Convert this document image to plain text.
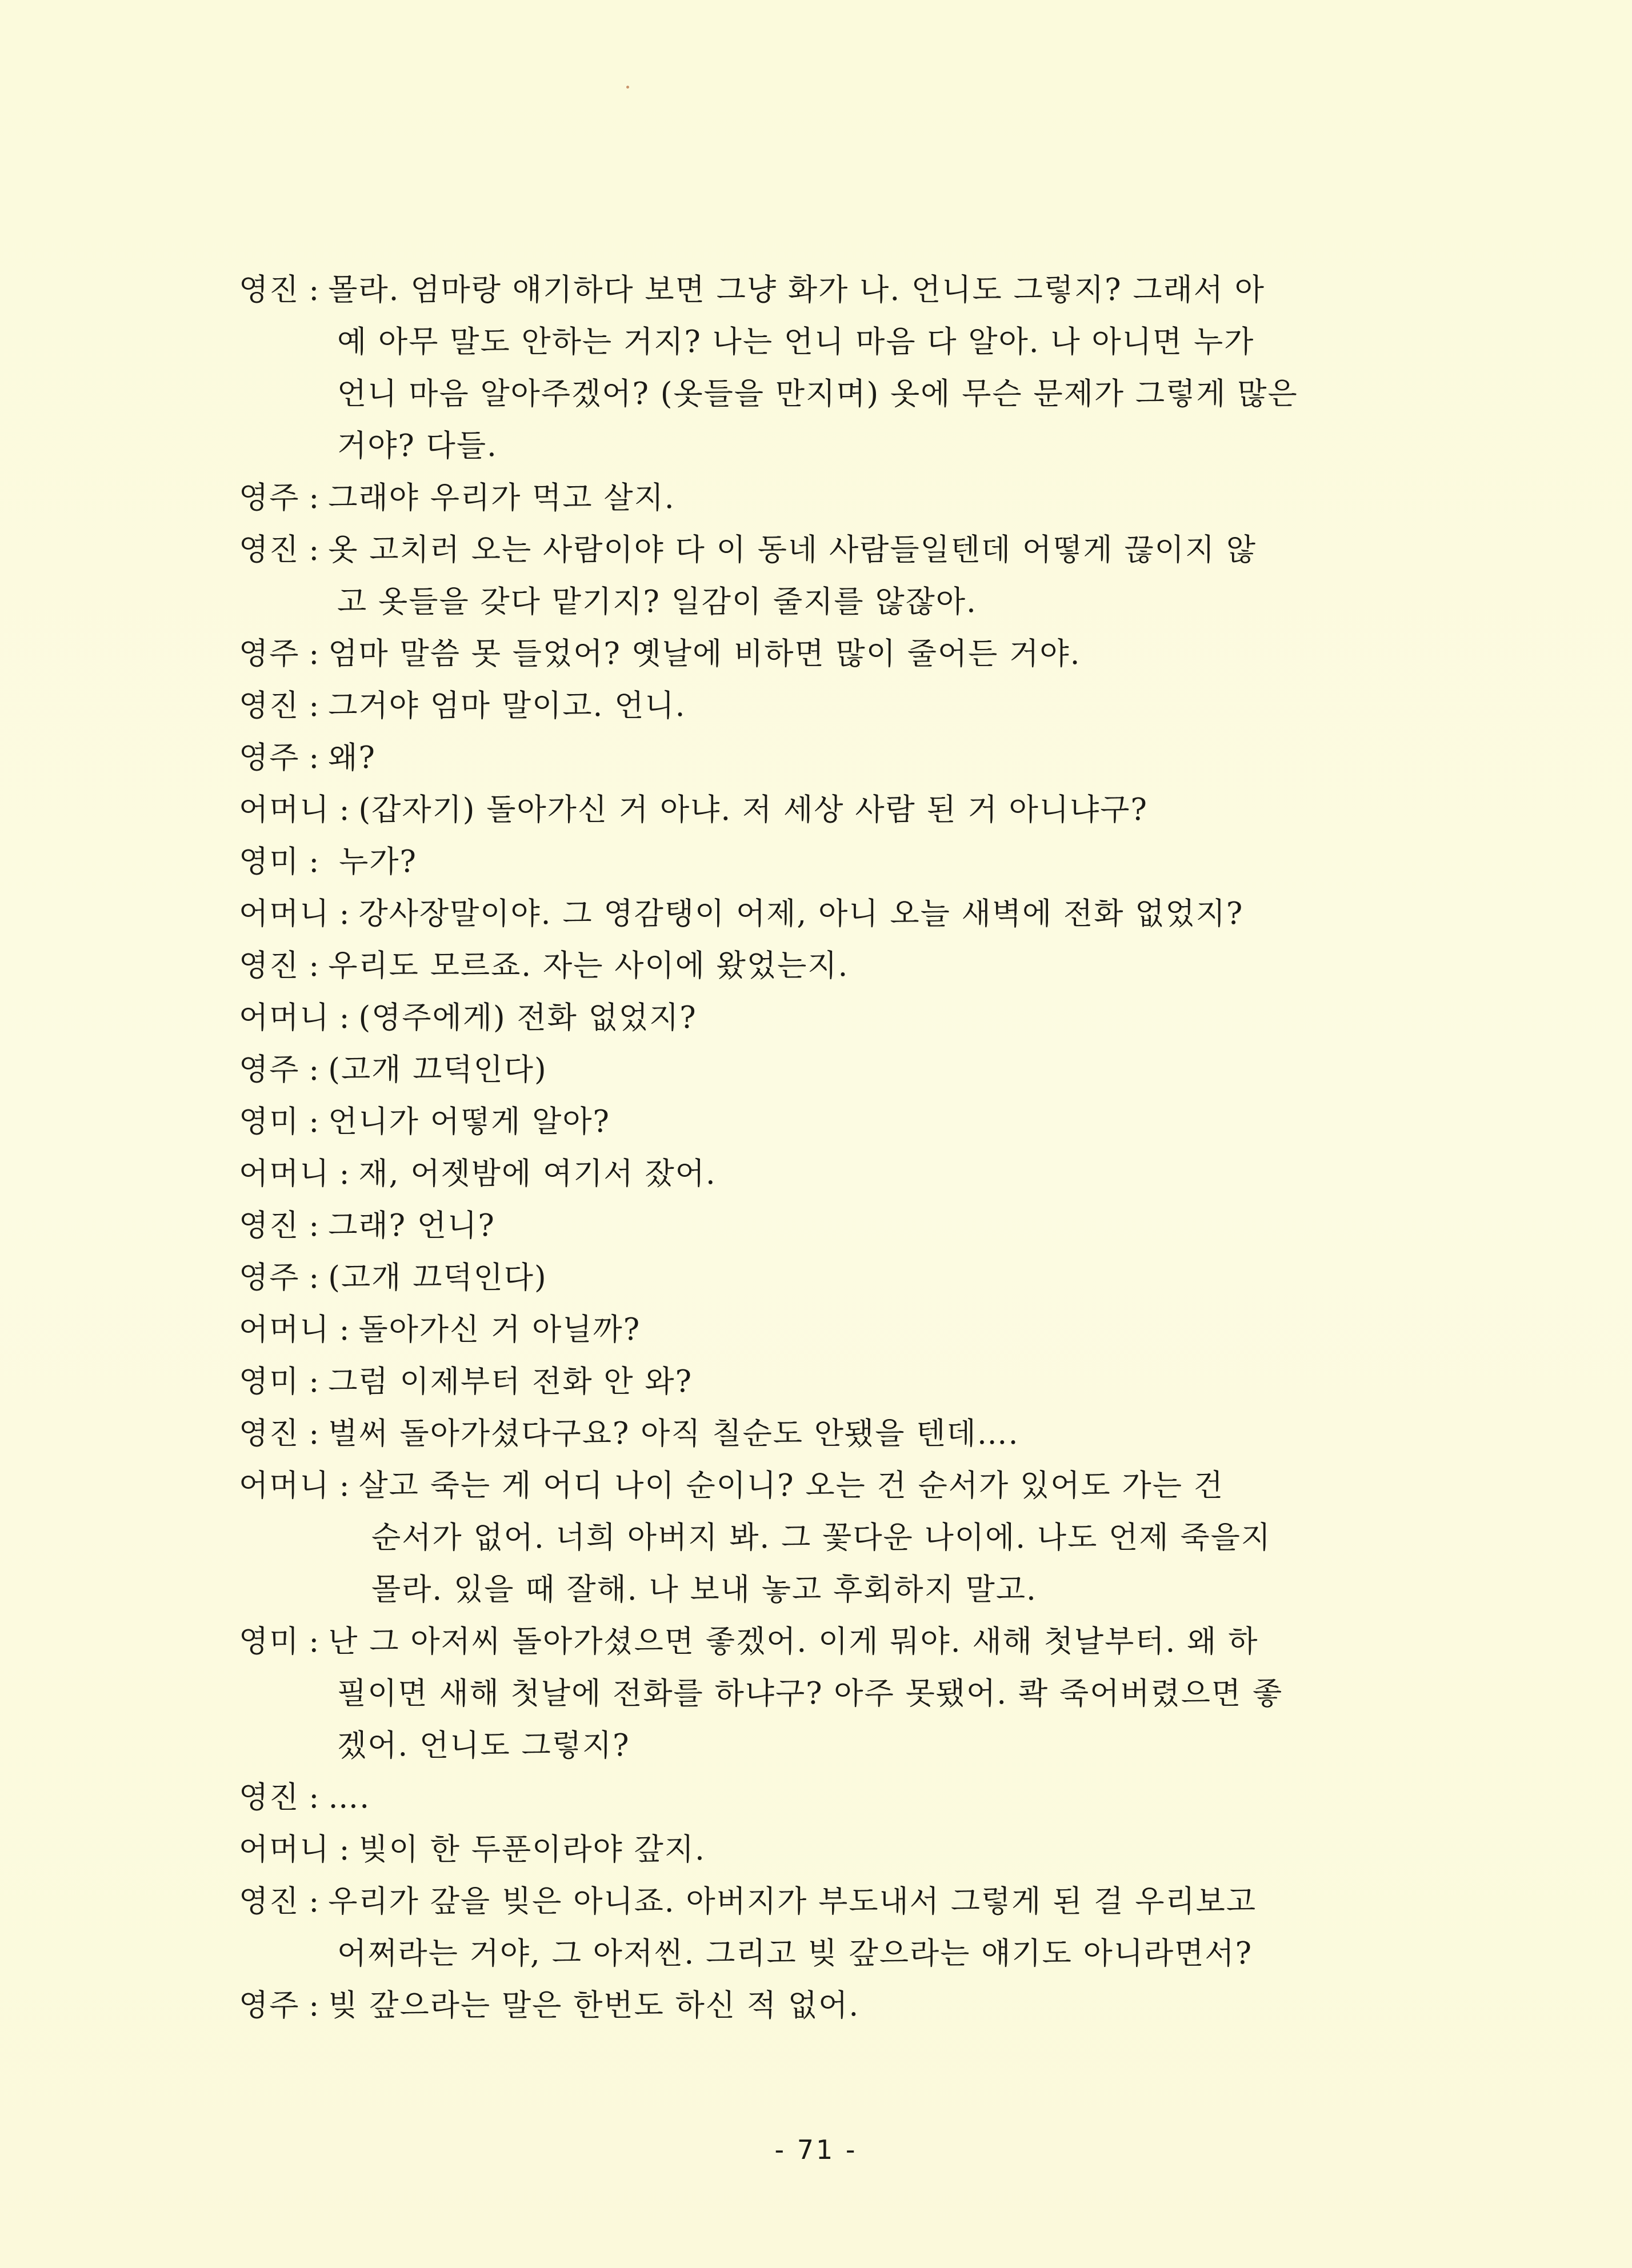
영진 : 몰라. 엄마랑 얘기하다 보면 그냥 화가 나. 언니도 그렇지? 그래서 아
예 아무 말도 안하는 거지? 나는 언니 마음 다 알아. 나 아니면 누가
언니 마음 알아주겠어? (옷들을 만지며) 옷에 무슨 문제가 그렇게 많은
거야? 다들.
영주 : 그래야 우리가 먹고 살지.
영진 : 옷 고치러 오는 사람이야 다 이 동네 사람들일텐데 어떻게 끊이지 않
고 옷들을 갖다 맡기지? 일감이 줄지를 않잖아.
영주 : 엄마 말씀 못 들었어? 옛날에 비하면 많이 줄어든 거야.
영진 : 그거야 엄마 말이고. 언니.
영주 : 왜?
어머니 : (갑자기) 돌아가신 거 아냐. 저 세상 사람 된 거 아니냐구?
영미 : 누가?
어머니 : 강사장말이야. 그 영감탱이 어제, 아니 오늘 새벽에 전화 없었지?
영진 : 우리도 모르죠. 자는 사이에 왔었는지.
어머니 : (영주에게) 전화 없었지?
영주 : (고개 끄덕인다)
영미 : 언니가 어떻게 알아?
어머니 : 재, 어젯밤에 여기서 잤어.
영진 : 그래? 언니?
영주 : (고개 끄덕인다)
어머니 : 돌아가신 거 아닐까?
영미 : 그럼 이제부터 전화 안 와?
영진 : 벌써 돌아가셨다구요? 아직 칠순도 안됐을 텐데….
어머니 : 살고 죽는 게 어디 나이 순이니? 오는 건 순서가 있어도 가는 건
순서가 없어. 너희 아버지 봐. 그 꽃다운 나이에. 나도 언제 죽을지
몰라. 있을 때 잘해. 나 보내 놓고 후회하지 말고.
영미 : 난 그 아저씨 돌아가셨으면 좋겠어. 이게 뭐야. 새해 첫날부터. 왜 하
필이면 새해 첫날에 전화를 하냐구? 아주 못됐어. 콱 죽어버렸으면 좋
겠어. 언니도 그렇지?
영진 : ….
어머니 : 빚이 한 두푼이라야 갚지.
영진 : 우리가 갚을 빚은 아니죠. 아버지가 부도내서 그렇게 된 걸 우리보고
어쩌라는 거야, 그 아저씬. 그리고 빚 갚으라는 얘기도 아니라면서?
영주 : 빚 갚으라는 말은 한번도 하신 적 없어.
- 71 -
